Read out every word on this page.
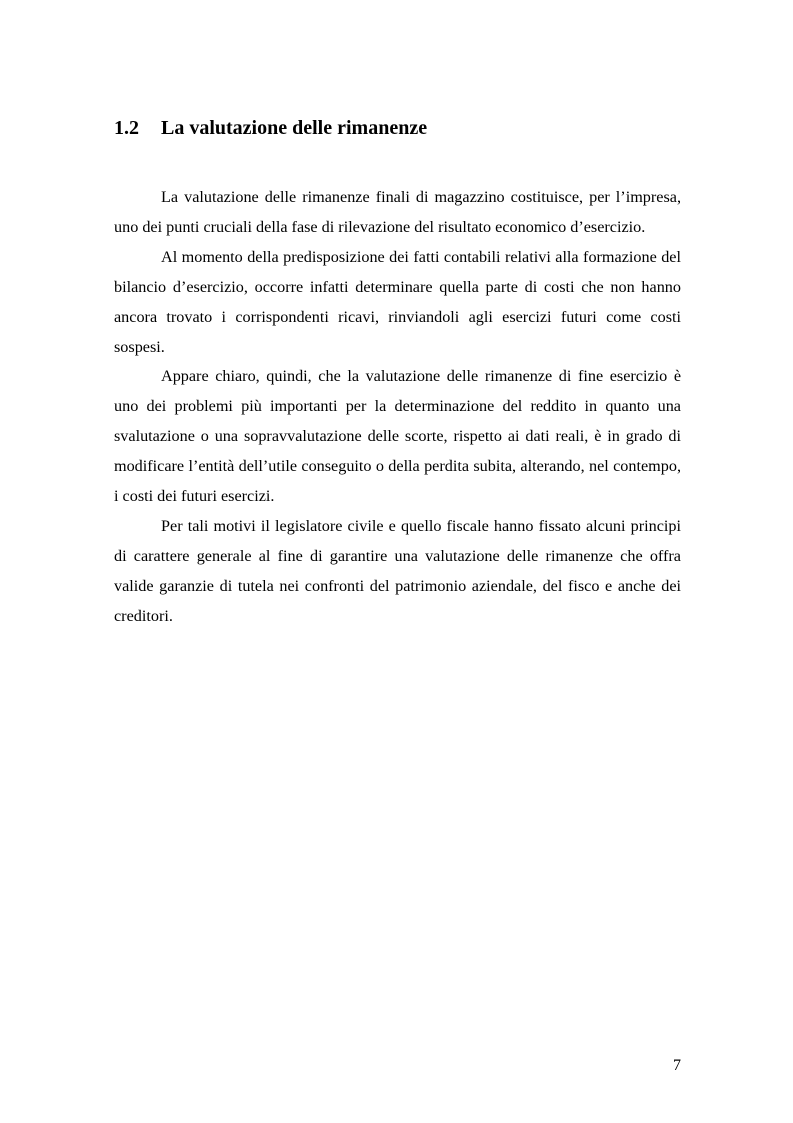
1.2 La valutazione delle rimanenze

La valutazione delle rimanenze finali di magazzino costituisce, per l’impresa, uno dei punti cruciali della fase di rilevazione del risultato economico d’esercizio.

Al momento della predisposizione dei fatti contabili relativi alla formazione del bilancio d’esercizio, occorre infatti determinare quella parte di costi che non hanno ancora trovato i corrispondenti ricavi, rinviandoli agli esercizi futuri come costi sospesi.

Appare chiaro, quindi, che la valutazione delle rimanenze di fine esercizio è uno dei problemi più importanti per la determinazione del reddito in quanto una svalutazione o una sopravvalutazione delle scorte, rispetto ai dati reali, è in grado di modificare l’entità dell’utile conseguito o della perdita subita, alterando, nel contempo, i costi dei futuri esercizi.

Per tali motivi il legislatore civile e quello fiscale hanno fissato alcuni principi di carattere generale al fine di garantire una valutazione delle rimanenze che offra valide garanzie di tutela nei confronti del patrimonio aziendale, del fisco e anche dei creditori.

7
